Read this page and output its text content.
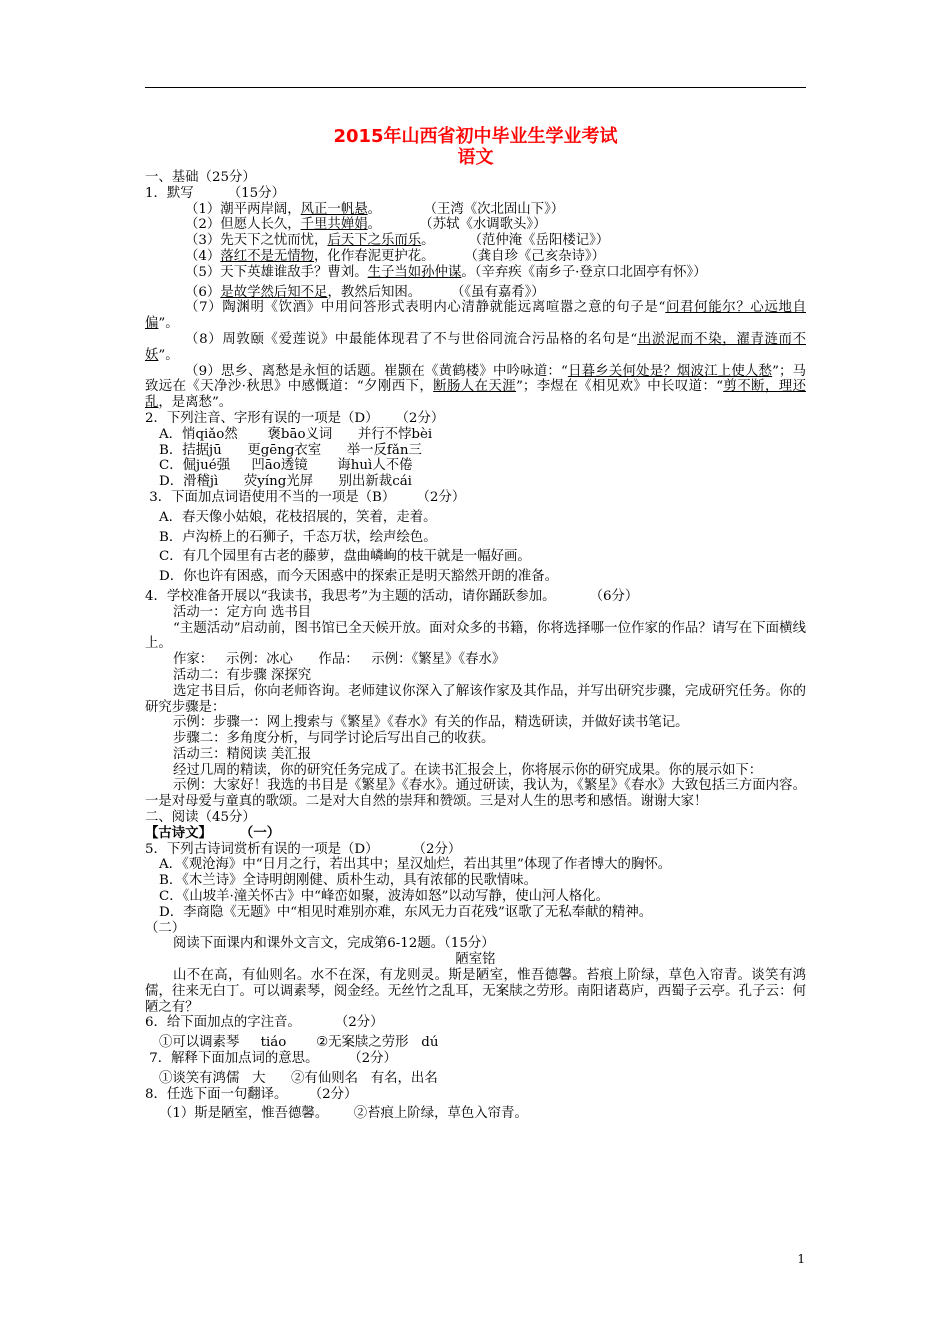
2015年山西省初中毕业生学业考试
语文

一、基础（25分）

1．默写        （15分）

（1）潮平两岸阔，风正一帆悬。          （王湾《次北固山下》）

（2）但愿人长久，千里共婵娟。         （苏轼《水调歌头》）

（3）先天下之忧而忧，后天下之乐而乐。        （范仲淹《岳阳楼记》）

（4）落红不是无情物，化作春泥更护花。       （龚自珍《己亥杂诗》）

（5）天下英雄谁敌手？曹刘。生子当如孙仲谋。（辛弃疾《南乡子·登京口北固亭有怀》）

（6）是故学然后知不足，教然后知困。       （《虽有嘉肴》）

（7）陶渊明《饮酒》中用问答形式表明内心清静就能远离喧嚣之意的句子是“问君何能尔？心远地自偏”。

（8）周敦颐《爱莲说》中最能体现君了不与世俗同流合污品格的名句是“出淤泥而不染，濯青涟而不妖”。

（9）思乡、离愁是永恒的话题。崔颢在《黄鹤楼》中吟咏道：“日暮乡关何处是？烟波江上使人愁”；马致远在《天净沙·秋思》中感慨道：“夕刚西下，断肠人在天涯”；李煜在《相见欢》中长叹道：“剪不断，理还乱，是离愁”。

2．下列注音、字形有误的一项是（D）    （2分）

A．悄qiǎo然       褒bāo义词      并行不悖bèi

B．拮据jū      更gēng衣室      举一反fǎn三

C．倔jué强     凹āo透镜       诲huì人不倦

D．滑稽jì      荧yíng光屏      别出新裁cái

3．下面加点词语使用不当的一项是（B）     （2分）

A．春天像小姑娘，花枝招展的，笑着，走着。

B．卢沟桥上的石狮子，千态万状，绘声绘色。

C．有几个园里有古老的藤萝，盘曲嶙峋的枝干就是一幅好画。

D．你也许有困惑，而今天困惑中的探索正是明天豁然开朗的准备。

4．学校准备开展以“我读书，我思考”为主题的活动，请你踊跃参加。        （6分）

活动一：定方向 选书目

“主题活动”启动前，图书馆已全天候开放。面对众多的书籍，你将选择哪一位作家的作品？请写在下面横线上。

作家：   示例：冰心      作品：   示例：《繁星》《春水》

活动二：有步骤 深探究

选定书目后，你向老师咨询。老师建议你深入了解该作家及其作品，并写出研究步骤，完成研究任务。你的研究步骤是：

示例：步骤一：网上搜索与《繁星》《春水》有关的作品，精选研读，并做好读书笔记。

步骤二：多角度分析，与同学讨论后写出自己的收获。

活动三：精阅读 美汇报

经过几周的精读，你的研究任务完成了。在读书汇报会上，你将展示你的研究成果。你的展示如下：

示例：大家好！我选的书目是《繁星》《春水》。通过研读，我认为，《繁星》《春水》大致包括三方面内容。一是对母爱与童真的歌颂。二是对大自然的崇拜和赞颂。三是对人生的思考和感悟。谢谢大家！

二、阅读（45分）

【古诗文】      （一）

5．下列古诗词赏析有误的一项是（D）        （2分）

A．《观沧海》中“日月之行，若出其中；星汉灿烂，若出其里”体现了作者博大的胸怀。

B．《木兰诗》全诗明朗刚健、质朴生动，具有浓郁的民歌情味。

C．《山坡羊·潼关怀古》中“峰峦如聚，波涛如怒”以动写静，使山河人格化。

D．李商隐《无题》中“相见时难别亦难，东风无力百花残”讴歌了无私奉献的精神。

（二）

阅读下面课内和课外文言文，完成第6-12题。（15分）

陋室铭

山不在高，有仙则名。水不在深，有龙则灵。斯是陋室，惟吾德馨。苔痕上阶绿，草色入帘青。谈笑有鸿儒，往来无白丁。可以调素琴，阅金经。无丝竹之乱耳，无案牍之劳形。南阳诸葛庐，西蜀子云亭。孔子云：何陋之有？

6．给下面加点的字注音。        （2分）

①可以调素琴     tiáo       ②无案牍之劳形   dú

7．解释下面加点词的意思。       （2分）

①谈笑有鸿儒   大      ②有仙则名   有名，出名

8．任选下面一句翻译。     （2分）

（1）斯是陋室，惟吾德馨。      ②苔痕上阶绿，草色入帘青。

1
